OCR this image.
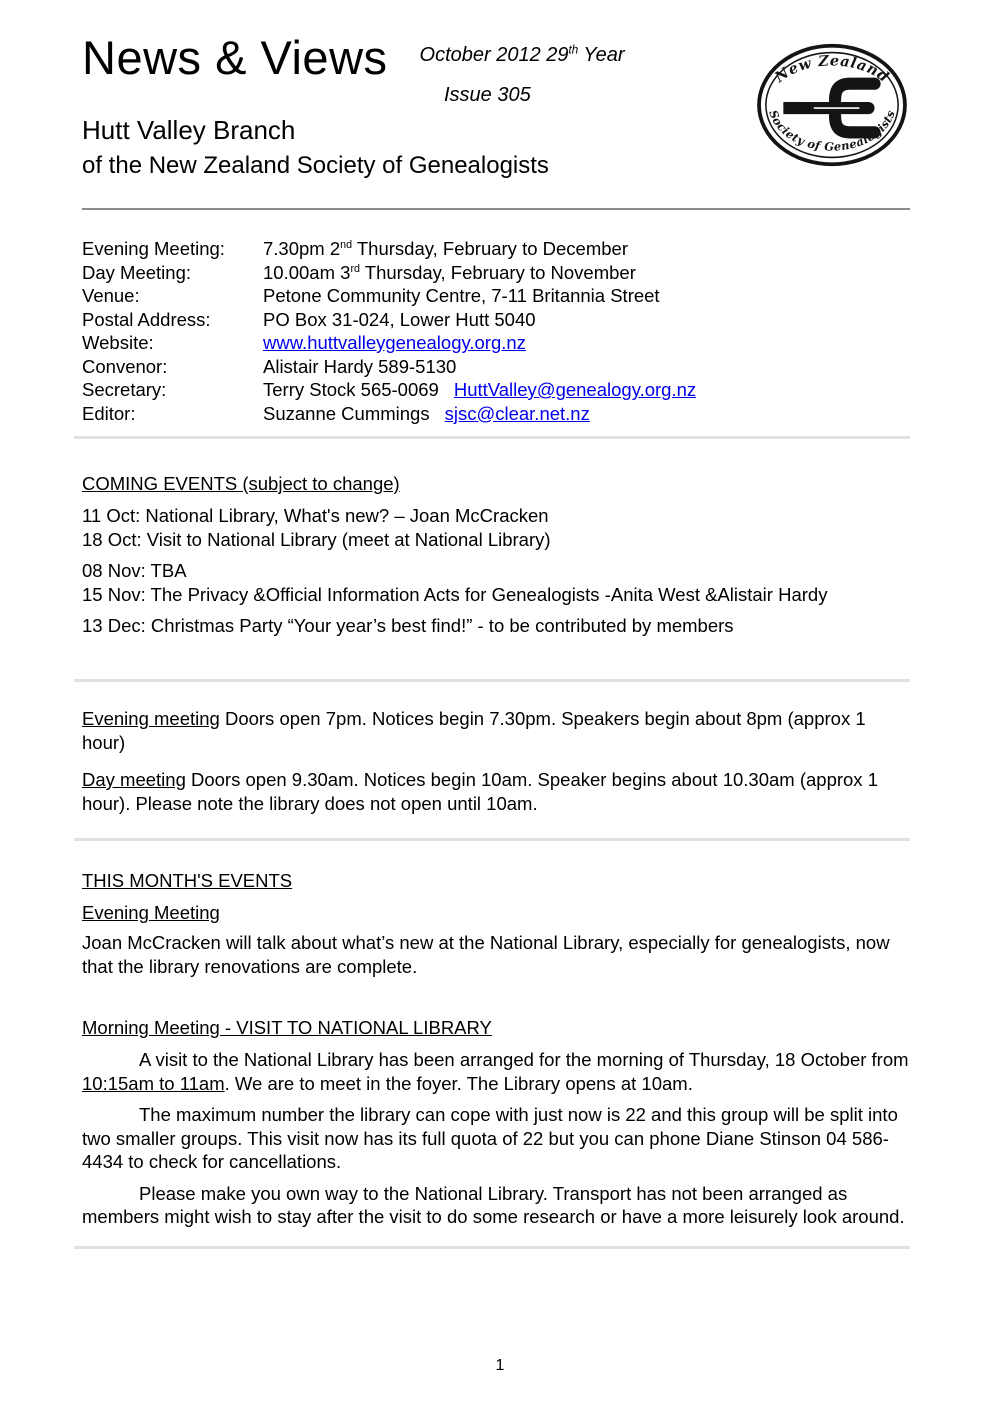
News & Views October 2012 29th Year
Issue 305
Hutt Valley Branch
of the New Zealand Society of Genealogists
New Zealand
Society of Genealogists
Evening Meeting:	7.30pm 2nd Thursday, February to December
Day Meeting:	10.00am 3rd Thursday, February to November
Venue:	Petone Community Centre, 7-11 Britannia Street
Postal Address:	PO Box 31-024, Lower Hutt 5040
Website:	www.huttvalleygenealogy.org.nz
Convenor:	Alistair Hardy 589-5130
Secretary:	Terry Stock 565-0069 HuttValley@genealogy.org.nz
Editor:	Suzanne Cummings sjsc@clear.net.nz
COMING EVENTS (subject to change)
11 Oct: National Library, What's new? – Joan McCracken
18 Oct: Visit to National Library (meet at National Library)
08 Nov: TBA
15 Nov: The Privacy &Official Information Acts for Genealogists -Anita West &Alistair Hardy
13 Dec: Christmas Party “Your year’s best find!” - to be contributed by members

Evening meeting Doors open 7pm. Notices begin 7.30pm. Speakers begin about 8pm (approx 1 hour)

Day meeting Doors open 9.30am. Notices begin 10am. Speaker begins about 10.30am (approx 1 hour). Please note the library does not open until 10am.

THIS MONTH'S EVENTS
Evening Meeting

Joan McCracken will talk about what’s new at the National Library, especially for genealogists, now that the library renovations are complete.

Morning Meeting - VISIT TO NATIONAL LIBRARY

A visit to the National Library has been arranged for the morning of Thursday, 18 October from 10:15am to 11am. We are to meet in the foyer. The Library opens at 10am.

The maximum number the library can cope with just now is 22 and this group will be split into two smaller groups. This visit now has its full quota of 22 but you can phone Diane Stinson 04 586-4434 to check for cancellations.

Please make you own way to the National Library. Transport has not been arranged as members might wish to stay after the visit to do some research or have a more leisurely look around.

1
